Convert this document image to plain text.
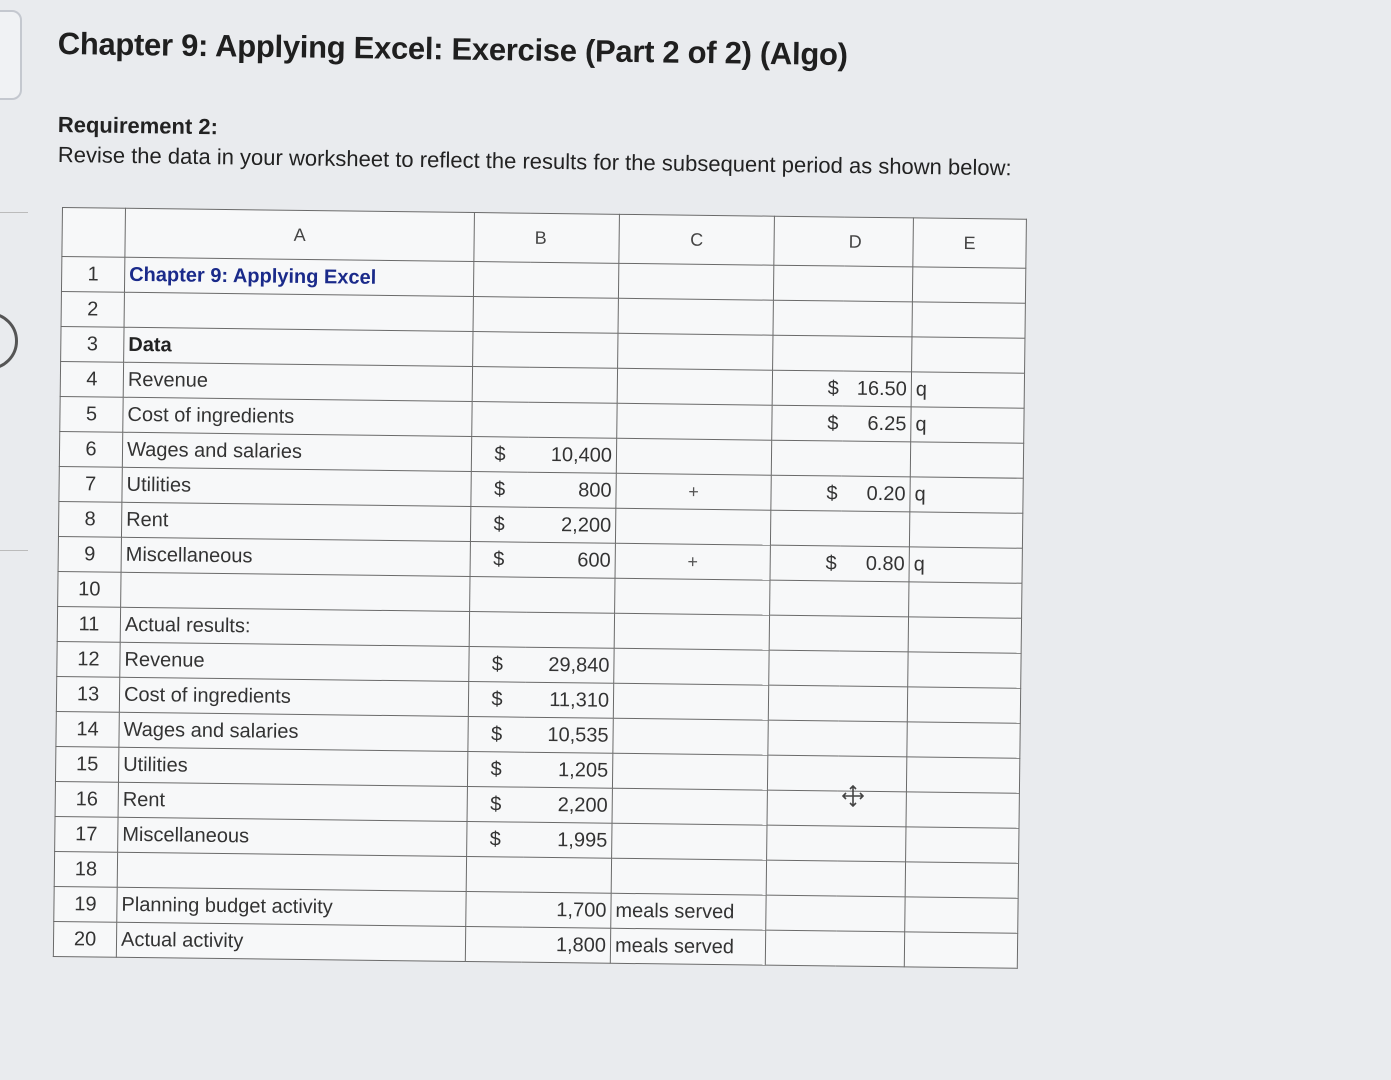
Chapter 9: Applying Excel: Exercise (Part 2 of 2) (Algo)
Requirement 2:
Revise the data in your worksheet to reflect the results for the subsequent period as shown below:
	A		B	C		D	E
1	Chapter 9: Applying Excel						
2							
3	Data						
4	Revenue				$	16.50	q
5	Cost of ingredients				$	6.25	q
6	Wages and salaries	$	10,400				
7	Utilities	$	800	+	$	0.20	q
8	Rent	$	2,200				
9	Miscellaneous	$	600	+	$	0.80	q
10							
11	Actual results:						
12	Revenue	$	29,840				
13	Cost of ingredients	$	11,310				
14	Wages and salaries	$	10,535				
15	Utilities	$	1,205				
16	Rent	$	2,200				
17	Miscellaneous	$	1,995				
18							
19	Planning budget activity		1,700	meals served			
20	Actual activity		1,800	meals served			
